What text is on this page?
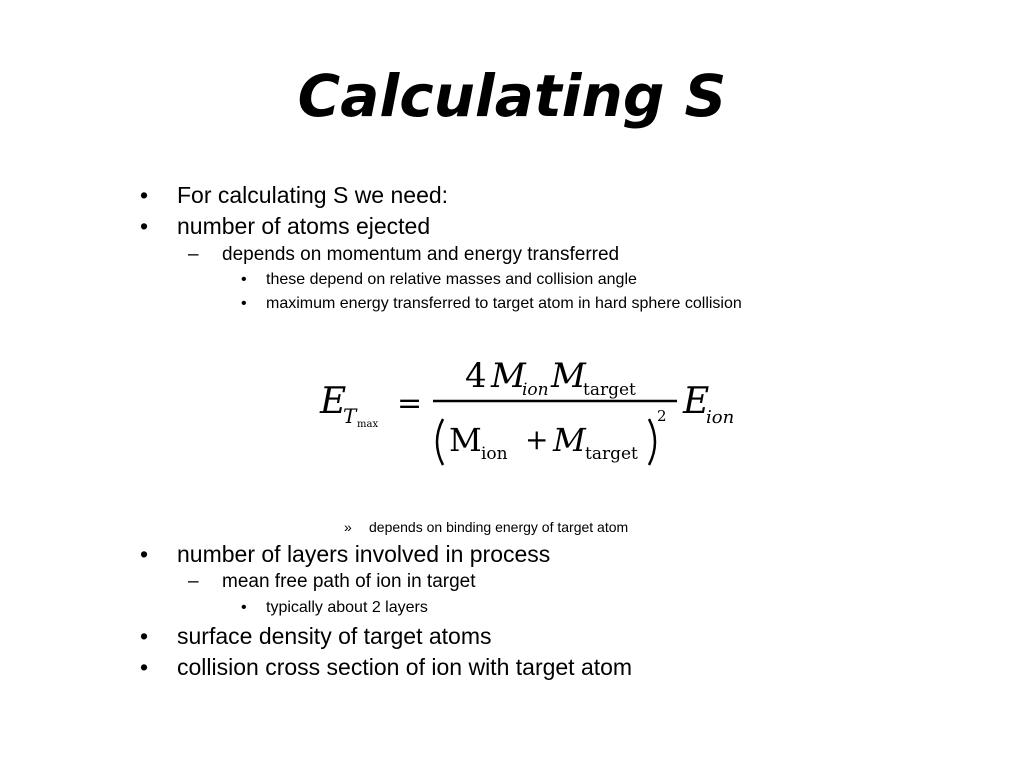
Calculating S
• For calculating S we need:
• number of atoms ejected
– depends on momentum and energy transferred
• these depend on relative masses and collision angle
• maximum energy transferred to target atom in hard sphere collision
E
T max
=
4 M
ion M
target
M ion + M target
2 E
ion
» depends on binding energy of target atom
• number of layers involved in process
– mean free path of ion in target
• typically about 2 layers
• surface density of target atoms
• collision cross section of ion with target atom
